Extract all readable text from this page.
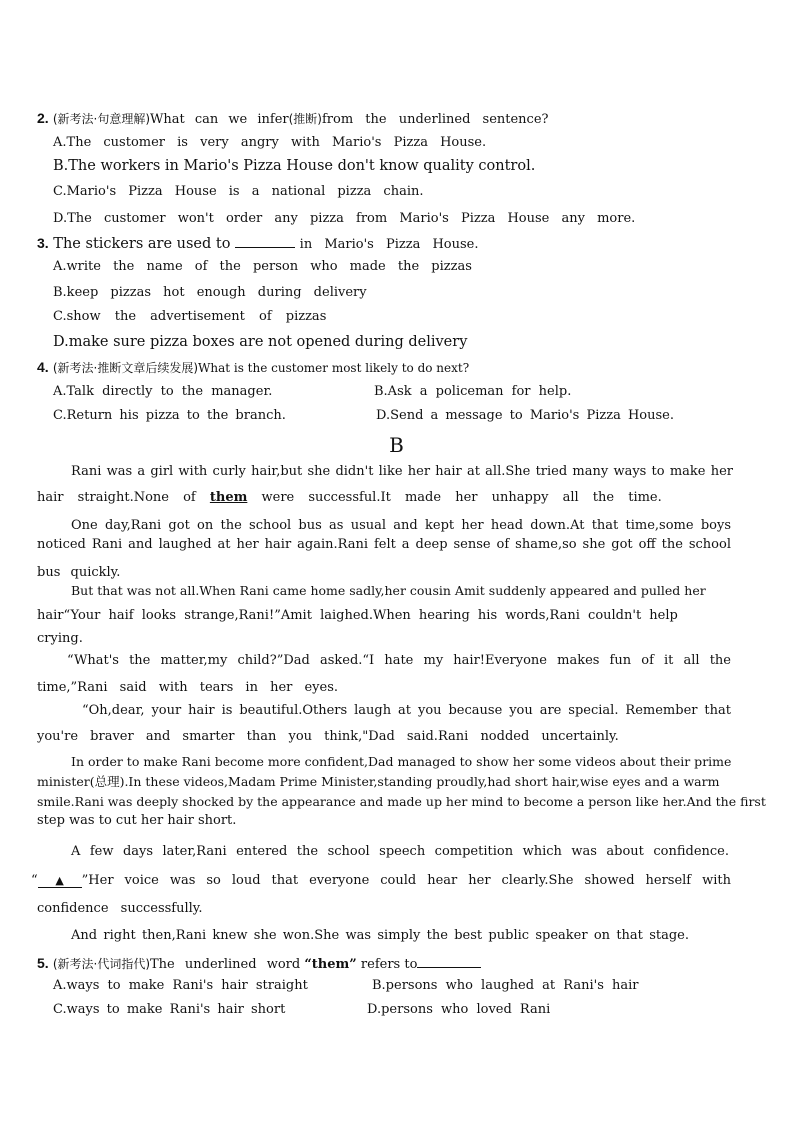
2. (新考法·句意理解)What can we infer(推断)from the underlined sentence?
A.The customer is very angry with Mario's Pizza House.
B.The workers in Mario's Pizza House don't know quality control.
C.Mario's Pizza House is a national pizza chain.
D.The customer won't order any pizza from Mario's Pizza House any more.
3. The stickers are used to	in Mario's Pizza House.
A.write the name of the person who made the pizzas
B.keep pizzas hot enough during delivery
C.show the advertisement of pizzas
D.make sure pizza boxes are not opened during delivery
4. (新考法·推断文章后续发展)What is the customer most likely to do next?
A.Talk directly to the manager.	B.Ask a policeman for help.
C.Return his pizza to the branch.	D.Send a message to Mario's Pizza House.
B
Rani was a girl with curly hair,but she didn't like her hair at all.She tried many ways to make her
hair straight.None of them were successful.It made her unhappy all the time.
One day,Rani got on the school bus as usual and kept her head down.At that time,some boys
noticed Rani and laughed at her hair again.Rani felt a deep sense of shame,so she got off the school
bus quickly.
But that was not all.When Rani came home sadly,her cousin Amit suddenly appeared and pulled her
hair“Your haif looks strange,Rani!”Amit laighed.When hearing his words,Rani couldn't help
crying.
“What's the matter,my child?”Dad asked.“I hate my hair!Everyone makes fun of it all the
time,”Rani said with tears in her eyes.
“Oh,dear, your hair is beautiful.Others laugh at you because you are special. Remember that
you're braver and smarter than you think,"Dad said.Rani nodded uncertainly.
In order to make Rani become more confident,Dad managed to show her some videos about their prime
minister(总理).In these videos,Madam Prime Minister,standing proudly,had short hair,wise eyes and a warm
smile.Rani was deeply shocked by the appearance and made up her mind to become a person like her.And the first
step was to cut her hair short.
A few days later,Rani entered the school speech competition which was about confidence.
“	▲	”Her voice was so loud that everyone could hear her clearly.She showed herself with
confidence successfully.
And right then,Rani knew she won.She was simply the best public speaker on that stage.
5. (新考法·代词指代)The underlined word “them” refers to
A.ways to make Rani's hair straight	B.persons who laughed at Rani's hair
C.ways to make Rani's hair short	D.persons who loved Rani
